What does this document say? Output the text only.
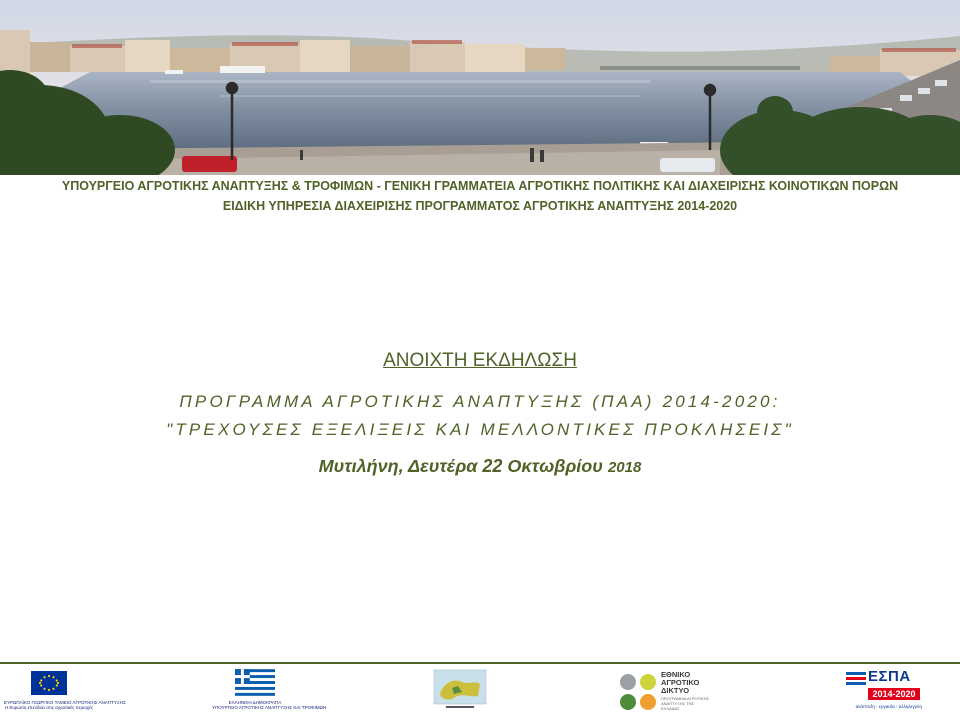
ΥΠΟΥΡΓΕΙΟ ΑΓΡΟΤΙΚΗΣ ΑΝΑΠΤΥΞΗΣ & ΤΡΟΦΙΜΩΝ - ΓΕΝΙΚΗ ΓΡΑΜΜΑΤΕΙΑ ΑΓΡΟΤΙΚΗΣ ΠΟΛΙΤΙΚΗΣ ΚΑΙ ΔΙΑΧΕΙΡΙΣΗΣ ΚΟΙΝΟΤΙΚΩΝ ΠΟΡΩΝ
ΕΙΔΙΚΗ ΥΠΗΡΕΣΙΑ ΔΙΑΧΕΙΡΙΣΗΣ ΠΡΟΓΡΑΜΜΑΤΟΣ ΑΓΡΟΤΙΚΗΣ ΑΝΑΠΤΥΞΗΣ 2014-2020
ΑΝΟΙΧΤΗ ΕΚΔΗΛΩΣΗ
ΠΡΟΓΡΑΜΜΑ ΑΓΡΟΤΙΚΗΣ ΑΝΑΠΤΥΞΗΣ (ΠΑΑ) 2014-2020:
"ΤΡΕΧΟΥΣΕΣ ΕΞΕΛΙΞΕΙΣ ΚΑΙ ΜΕΛΛΟΝΤΙΚΕΣ ΠΡΟΚΛΗΣΕΙΣ"
Μυτιλήνη, Δευτέρα 22 Οκτωβρίου 2018
ΕΥΡΩΠΑΪΚΟ ΓΕΩΡΓΙΚΟ ΤΑΜΕΙΟ ΑΓΡΟΤΙΚΗΣ ΑΝΑΠΤΥΞΗΣ
Η Ευρώπη επενδύει στις αγροτικές περιοχές
ΕΛΛΗΝΙΚΗ ΔΗΜΟΚΡΑΤΙΑ
ΥΠΟΥΡΓΕΙΟ ΑΓΡΟΤΙΚΗΣ ΑΝΑΠΤΥΞΗΣ ΚΑΙ ΤΡΟΦΙΜΩΝ
ΕΘΝΙΚΟ
ΑΓΡΟΤΙΚΟ
ΔΙΚΤΥΟ
ΠΡΟΓΡΑΜΜΑ ΑΓΡΟΤΙΚΗΣ ΑΝΑΠΤΥΞΗΣ ΤΗΣ ΕΛΛΑΔΑΣ
ΕΣΠΑ
2014-2020
ανάπτυξη - εργασία - αλληλεγγύη
